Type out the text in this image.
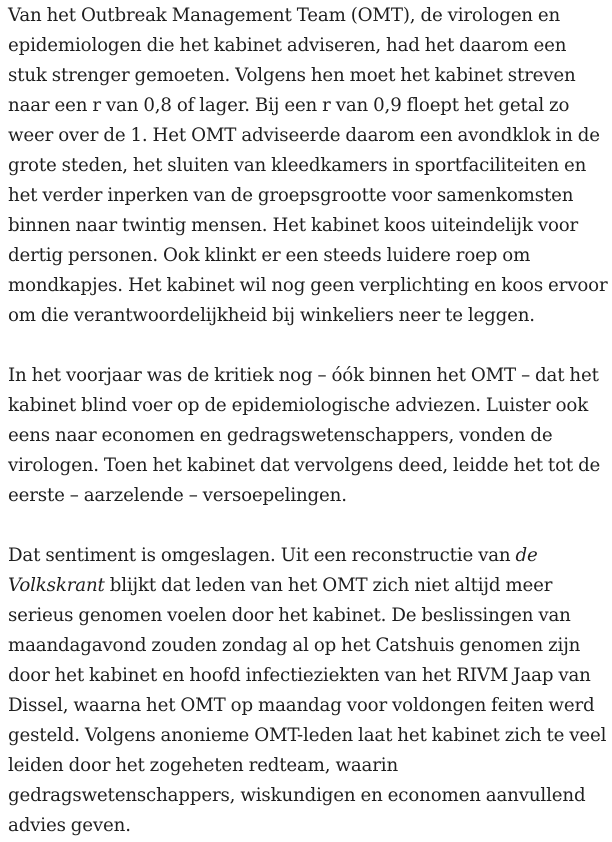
Van het Outbreak Management Team (OMT), de virologen en epidemiologen die het kabinet adviseren, had het daarom een stuk strenger gemoeten. Volgens hen moet het kabinet streven naar een r van 0,8 of lager. Bij een r van 0,9 floept het getal zo weer over de 1. Het OMT adviseerde daarom een avondklok in de grote steden, het sluiten van kleedkamers in sportfaciliteiten en het verder inperken van de groepsgrootte voor samenkomsten binnen naar twintig mensen. Het kabinet koos uiteindelijk voor dertig personen. Ook klinkt er een steeds luidere roep om mondkapjes. Het kabinet wil nog geen verplichting en koos ervoor om die verantwoordelijkheid bij winkeliers neer te leggen.

In het voorjaar was de kritiek nog – óók binnen het OMT – dat het kabinet blind voer op de epidemiologische adviezen. Luister ook eens naar economen en gedragswetenschappers, vonden de virologen. Toen het kabinet dat vervolgens deed, leidde het tot de eerste – aarzelende – versoepelingen.

Dat sentiment is omgeslagen. Uit een reconstructie van de Volkskrant blijkt dat leden van het OMT zich niet altijd meer serieus genomen voelen door het kabinet. De beslissingen van maandagavond zouden zondag al op het Catshuis genomen zijn door het kabinet en hoofd infectieziekten van het RIVM Jaap van Dissel, waarna het OMT op maandag voor voldongen feiten werd gesteld. Volgens anonieme OMT-leden laat het kabinet zich te veel leiden door het zogeheten redteam, waarin gedragswetenschappers, wiskundigen en economen aanvullend advies geven.
